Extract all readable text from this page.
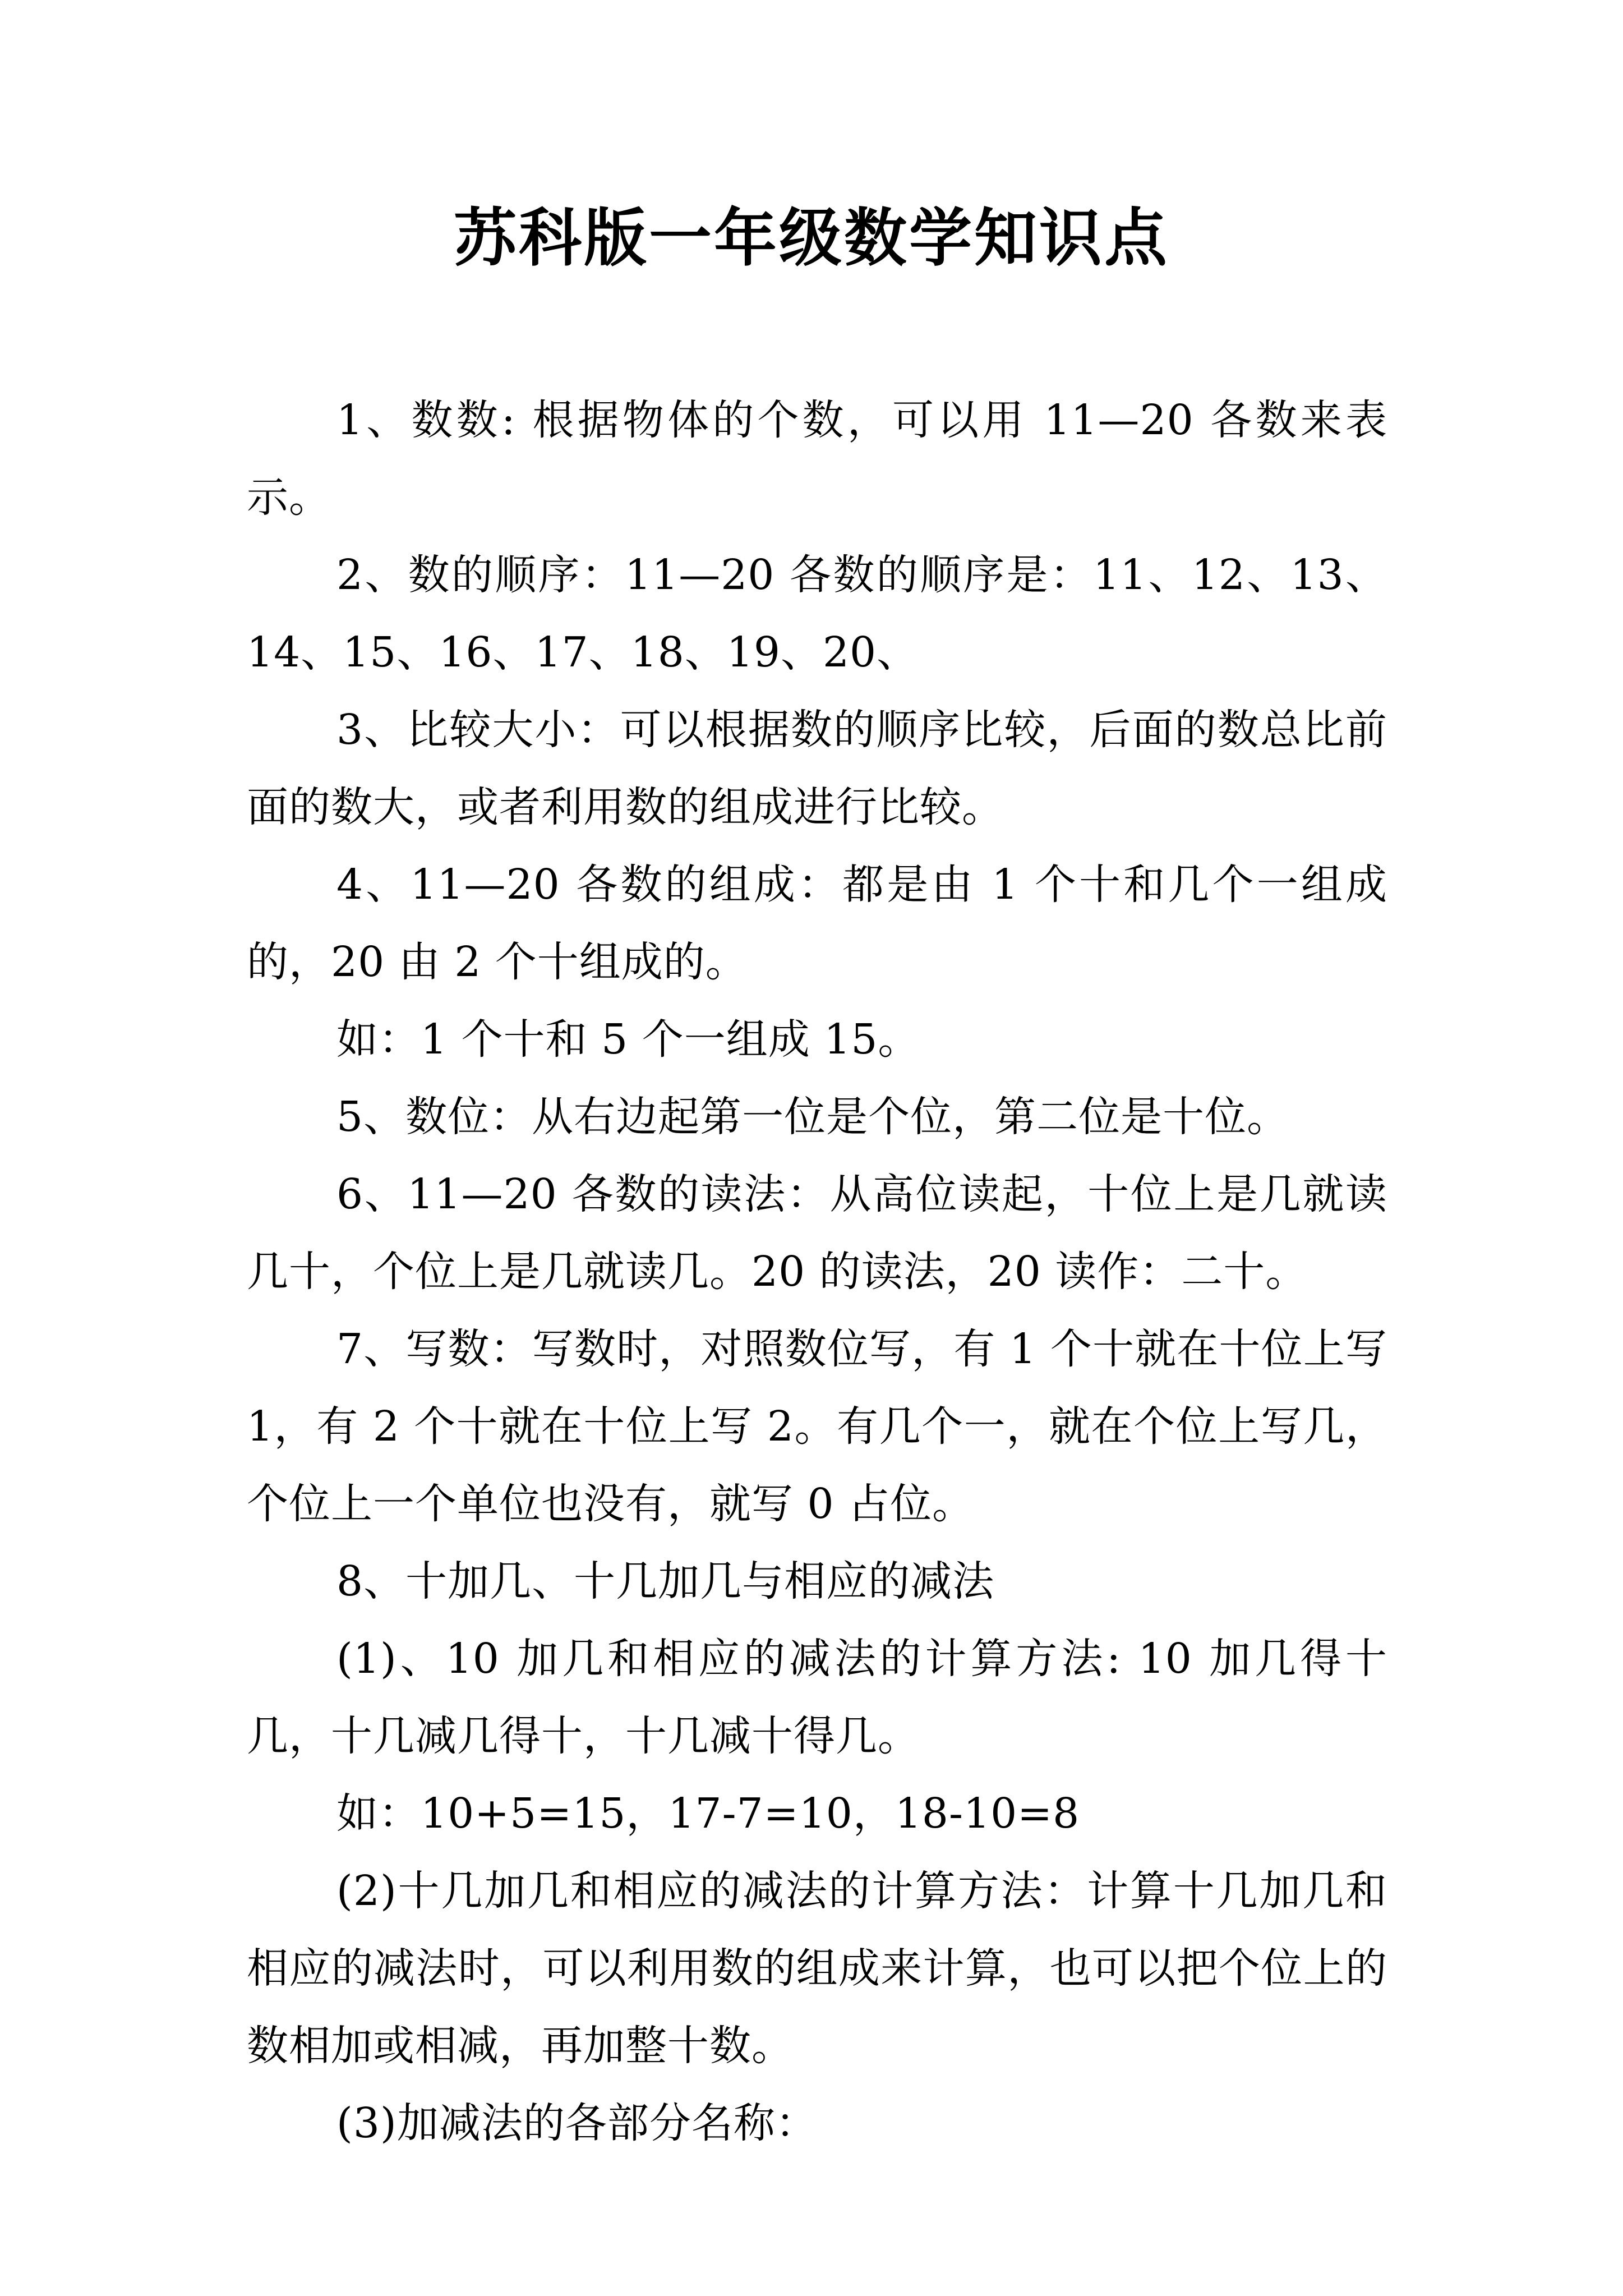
苏科版一年级数学知识点

1、数数: 根据物体的个数，可以用 11—20 各数来表示。

2、数的顺序：11—20 各数的顺序是：11、12、13、14、15、16、17、18、19、20、

3、比较大小：可以根据数的顺序比较，后面的数总比前面的数大，或者利用数的组成进行比较。

4、11—20 各数的组成：都是由 1 个十和几个一组成的，20 由 2 个十组成的。

如：1 个十和 5 个一组成 15。

5、数位：从右边起第一位是个位，第二位是十位。

6、11—20 各数的读法：从高位读起，十位上是几就读几十，个位上是几就读几。20 的读法，20 读作：二十。

7、写数：写数时，对照数位写，有 1 个十就在十位上写 1，有 2 个十就在十位上写 2。有几个一，就在个位上写几，个位上一个单位也没有，就写 0 占位。

8、十加几、十几加几与相应的减法

(1)、10 加几和相应的减法的计算方法: 10 加几得十几，十几减几得十，十几减十得几。

如：10+5=15，17-7=10，18-10=8

(2)十几加几和相应的减法的计算方法：计算十几加几和相应的减法时，可以利用数的组成来计算，也可以把个位上的数相加或相减，再加整十数。

(3)加减法的各部分名称：
